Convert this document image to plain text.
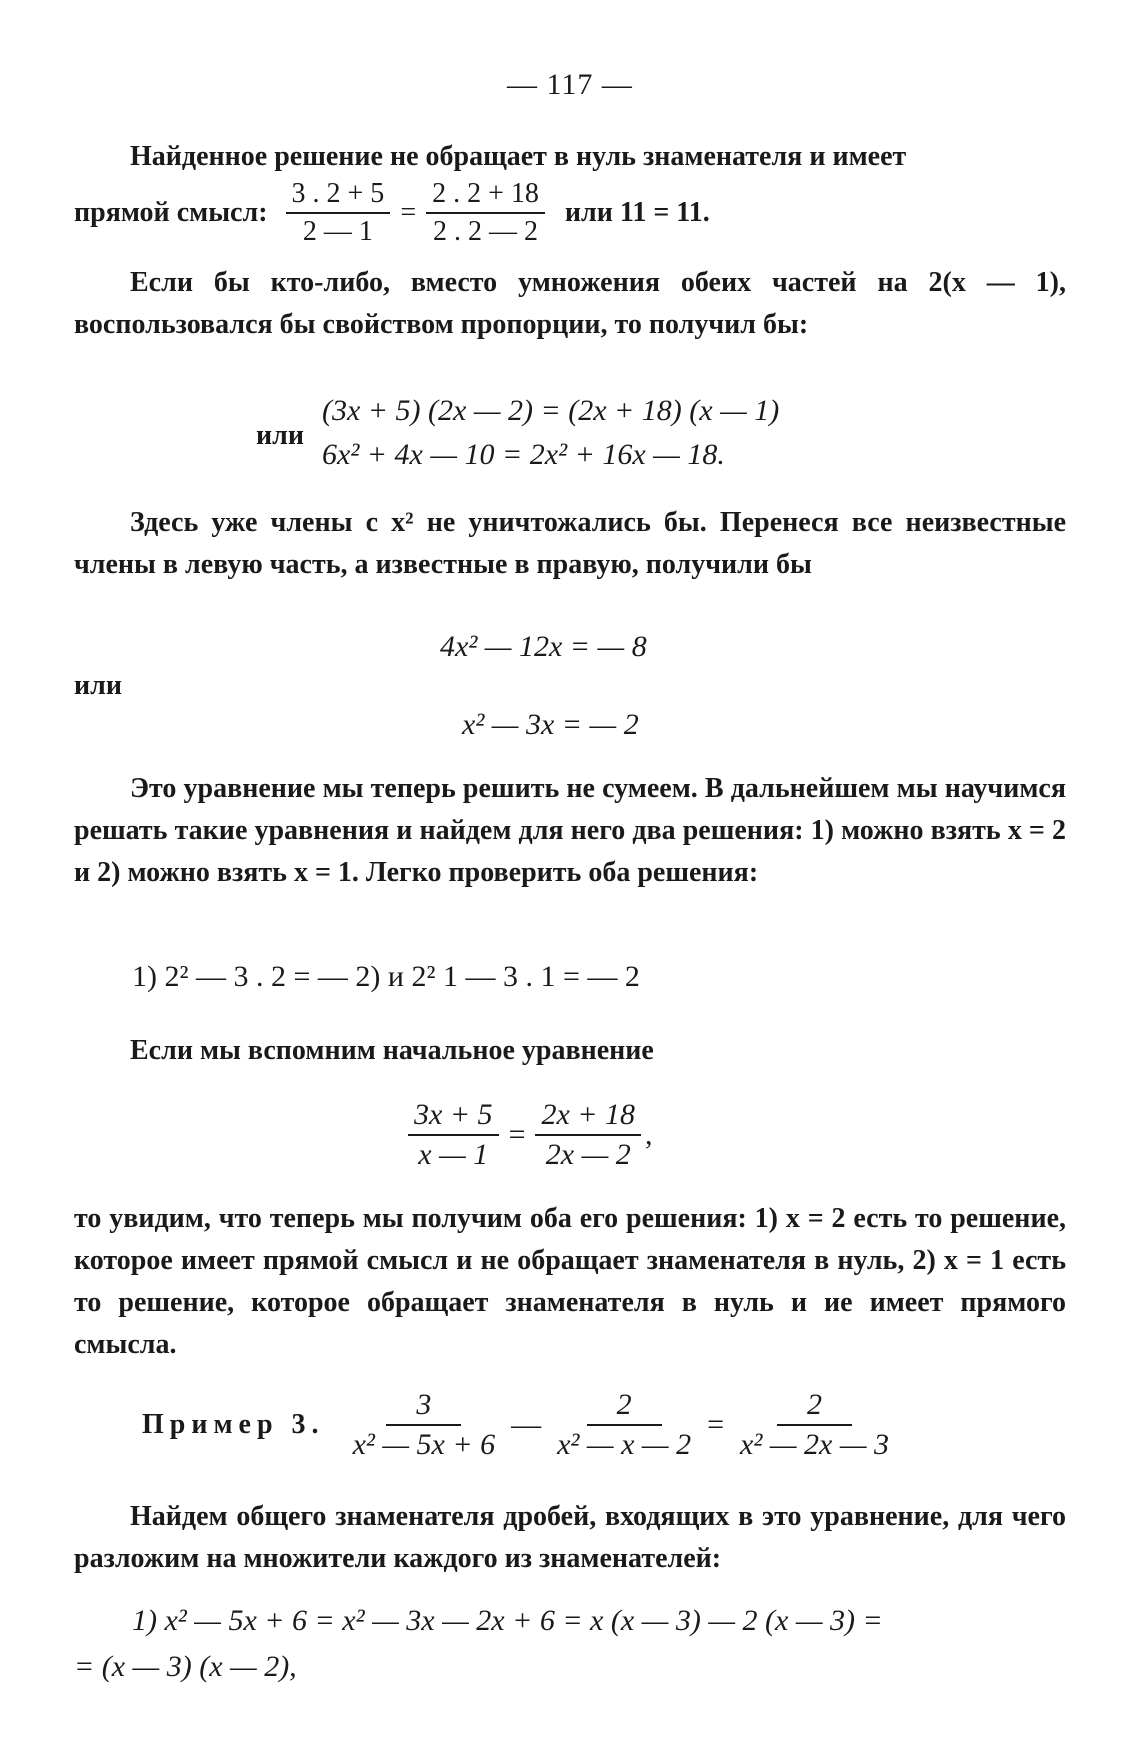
— 117 —
Найденное решение не обращает в нуль знаменателя и имеет
прямой смысл: $\frac{3 . 2 + 5}{2 — 1} = \frac{2 . 2 + 18}{2 . 2 — 2}$ или 11 = 11.
Если бы кто-либо, вместо умножения обеих частей на 2(x — 1), воспользовался бы свойством пропорции, то получил бы:
(3x + 5) (2x — 2) = (2x + 18) (x — 1)
или
6x² + 4x — 10 = 2x² + 16x — 18.
Здесь уже члены с x² не уничтожались бы. Перенеся все неизвестные члены в левую часть, а известные в правую, получили бы
4x² — 12x = — 8
или
x² — 3x = — 2
Это уравнение мы теперь решить не сумеем. В дальнейшем мы научимся решать такие уравнения и найдем для него два решения: 1) можно взять x = 2 и 2) можно взять x = 1. Легко проверить оба решения:
1) 2² — 3 . 2 = — 2) и 2² 1 — 3 . 1 = — 2
Если мы вспомним начальное уравнение
$\frac{3x + 5}{x — 1} = \frac{2x + 18}{2x — 2}$ ,
то увидим, что теперь мы получим оба его решения: 1) x = 2 есть то решение, которое имеет прямой смысл и не обращает знаменателя в нуль, 2) x = 1 есть то решение, которое обращает знаменателя в нуль и ие имеет прямого смысла.
Пример 3. $\frac{3}{\text{x² — 5x + 6}}$ — $\frac{2}{\text{x² — x — 2}} = \frac{2}{\text{x² — 2x — 3}}$
Найдем общего знаменателя дробей, входящих в это уравнение, для чего разложим на множители каждого из знаменателей:
1) x² — 5x + 6 = x² — 3x — 2x + 6 = x (x — 3) — 2 (x — 3) =
= (x — 3) (x — 2),
